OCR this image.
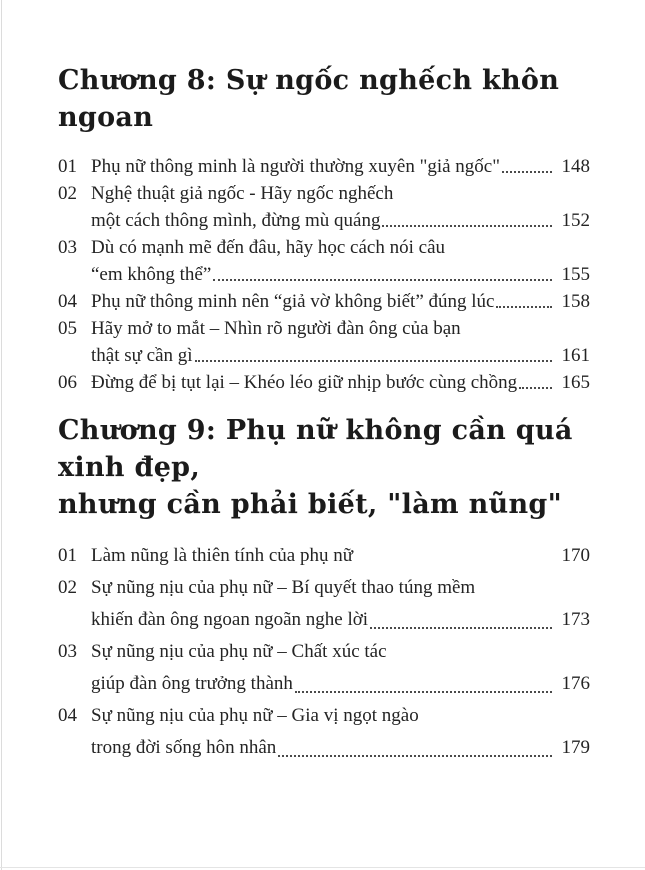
Chương 8: Sự ngốc nghếch khôn ngoan
01 Phụ nữ thông minh là người thường xuyên "giả ngốc"	148
02 Nghệ thuật giả ngốc - Hãy ngốc nghếch
một cách thông mình, đừng mù quáng	152
03 Dù có mạnh mẽ đến đâu, hãy học cách nói câu
“em không thể”	155
04 Phụ nữ thông minh nên “giả vờ không biết” đúng lúc	158
05 Hãy mở to mắt – Nhìn rõ người đàn ông của bạn
thật sự cần gì	161
06 Đừng để bị tụt lại – Khéo léo giữ nhịp bước cùng chồng 165
Chương 9: Phụ nữ không cần quá xinh đẹp,
nhưng cần phải biết, "làm nũng"
01 Làm nũng là thiên tính của phụ nữ	170
02 Sự nũng nịu của phụ nữ – Bí quyết thao túng mềm
khiến đàn ông ngoan ngoãn nghe lời	173
03 Sự nũng nịu của phụ nữ – Chất xúc tác
giúp đàn ông trưởng thành	176
04 Sự nũng nịu của phụ nữ – Gia vị ngọt ngào
trong đời sống hôn nhân	179
